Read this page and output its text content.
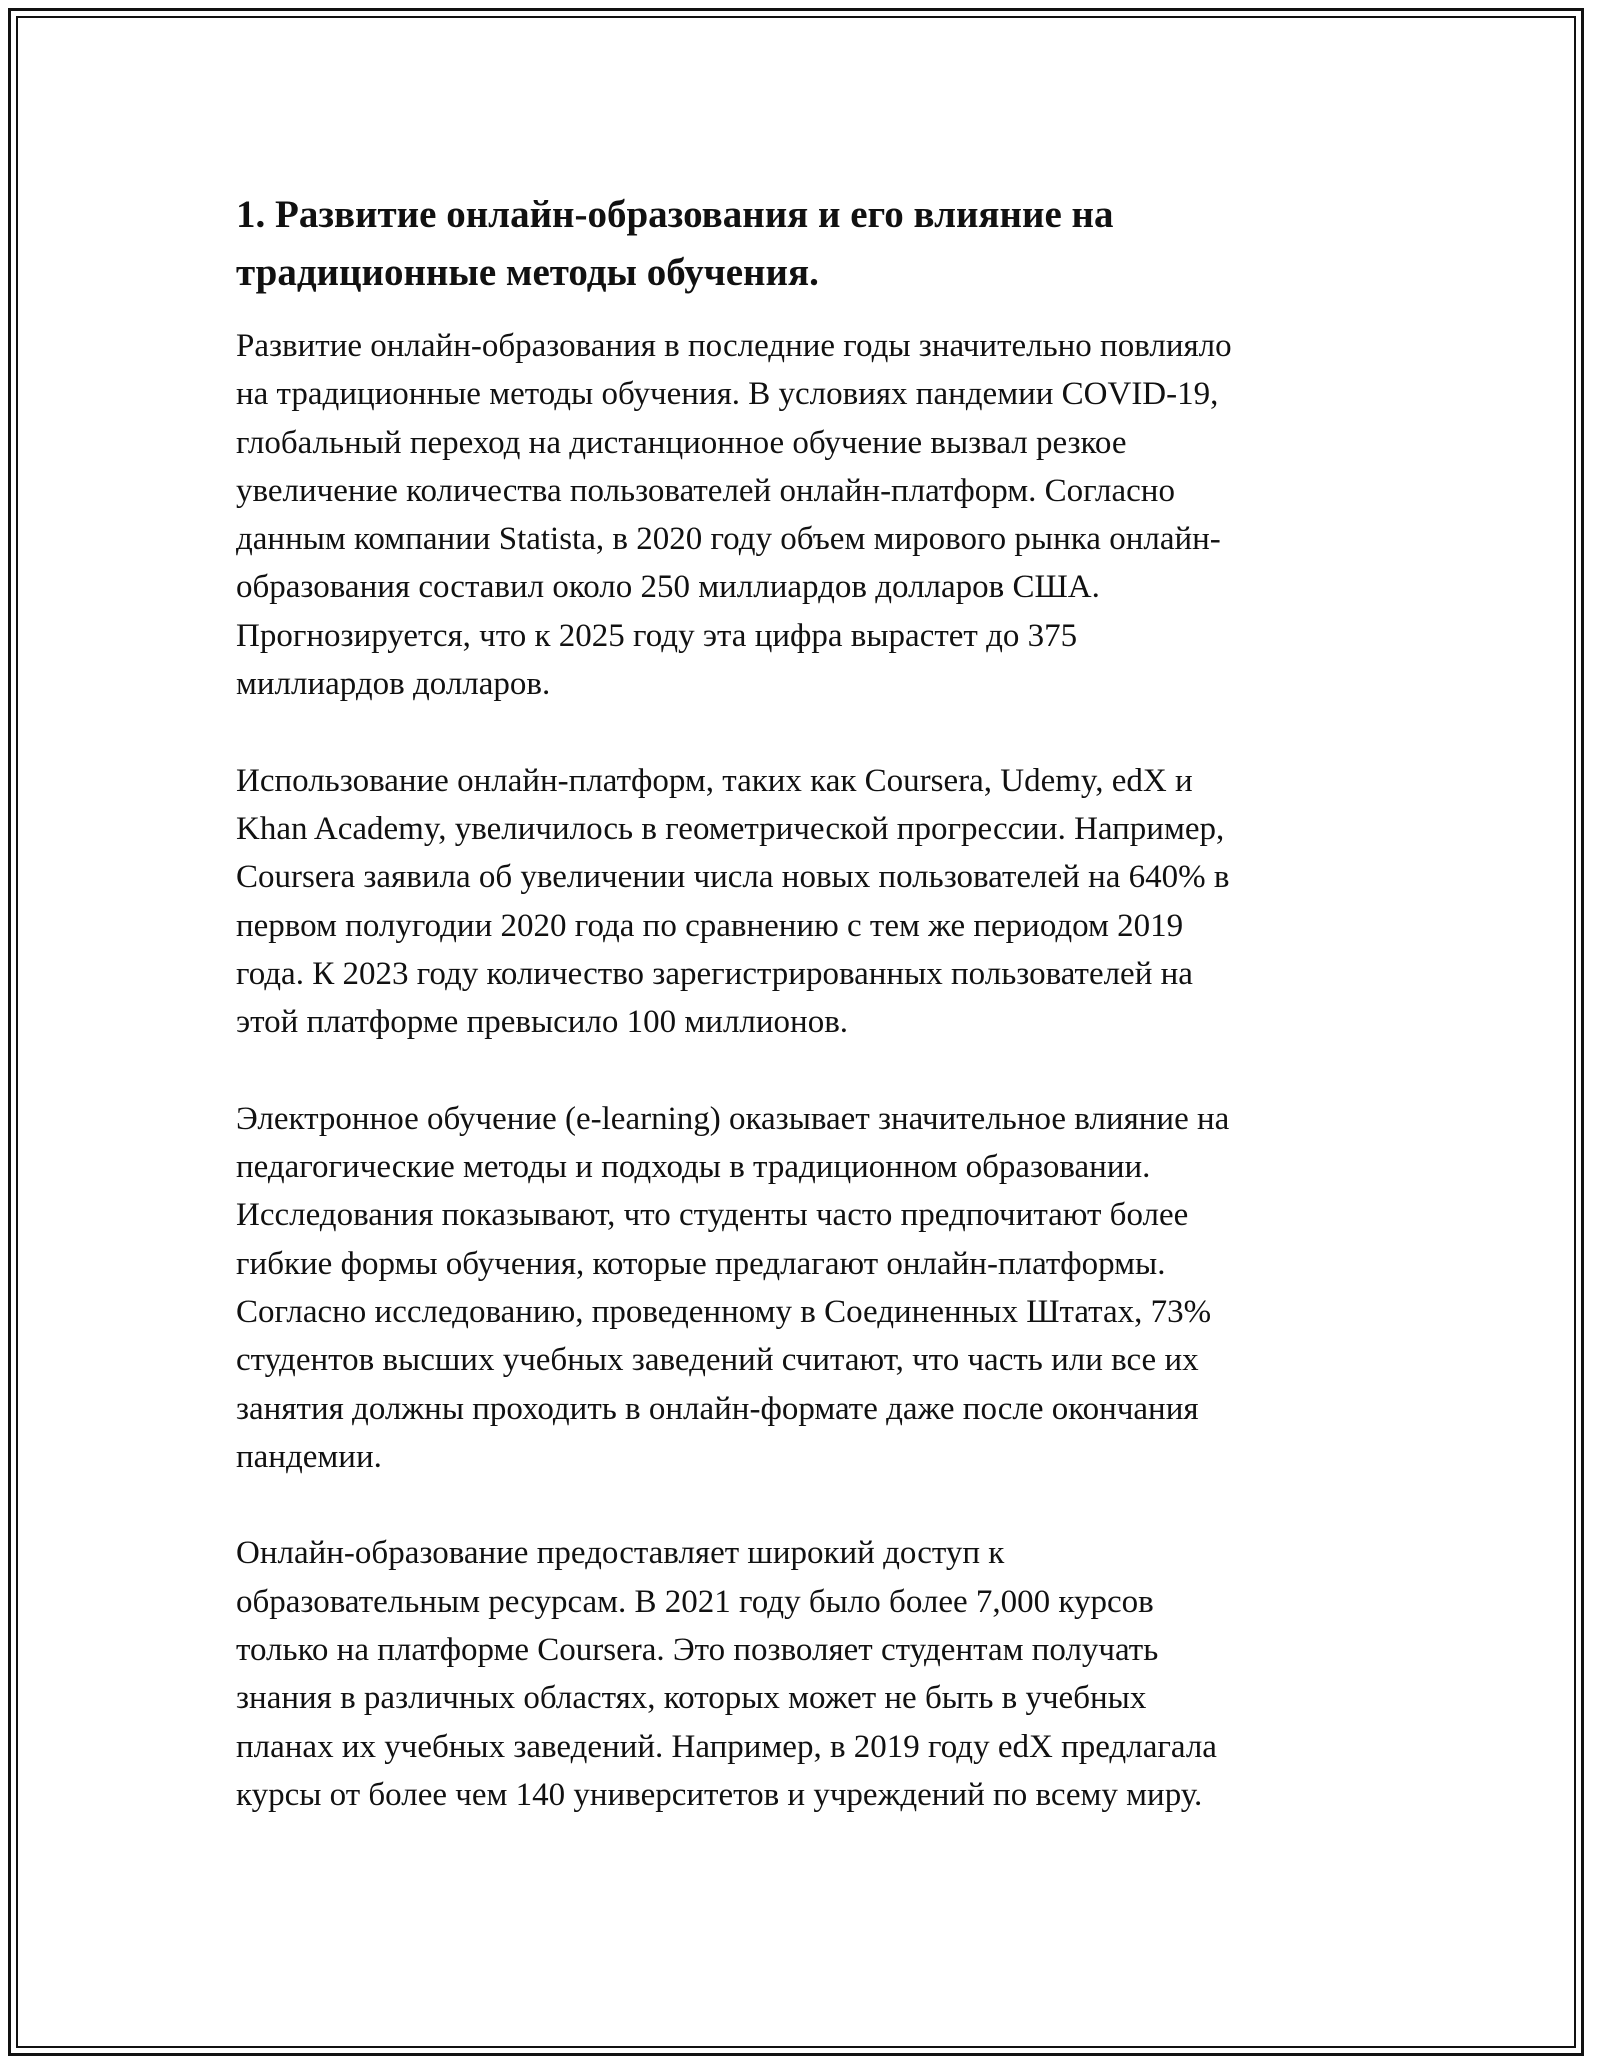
1. Развитие онлайн-образования и его влияние на традиционные методы обучения.

Развитие онлайн-образования в последние годы значительно повлияло
на традиционные методы обучения. В условиях пандемии COVID-19,
глобальный переход на дистанционное обучение вызвал резкое
увеличение количества пользователей онлайн-платформ. Согласно
данным компании Statista, в 2020 году объем мирового рынка онлайн-
образования составил около 250 миллиардов долларов США.
Прогнозируется, что к 2025 году эта цифра вырастет до 375
миллиардов долларов.

Использование онлайн-платформ, таких как Coursera, Udemy, edX и
Khan Academy, увеличилось в геометрической прогрессии. Например,
Coursera заявила об увеличении числа новых пользователей на 640% в
первом полугодии 2020 года по сравнению с тем же периодом 2019
года. К 2023 году количество зарегистрированных пользователей на
этой платформе превысило 100 миллионов.

Электронное обучение (e-learning) оказывает значительное влияние на
педагогические методы и подходы в традиционном образовании.
Исследования показывают, что студенты часто предпочитают более
гибкие формы обучения, которые предлагают онлайн-платформы.
Согласно исследованию, проведенному в Соединенных Штатах, 73%
студентов высших учебных заведений считают, что часть или все их
занятия должны проходить в онлайн-формате даже после окончания
пандемии.

Онлайн-образование предоставляет широкий доступ к
образовательным ресурсам. В 2021 году было более 7,000 курсов
только на платформе Coursera. Это позволяет студентам получать
знания в различных областях, которых может не быть в учебных
планах их учебных заведений. Например, в 2019 году edX предлагала
курсы от более чем 140 университетов и учреждений по всему миру.
